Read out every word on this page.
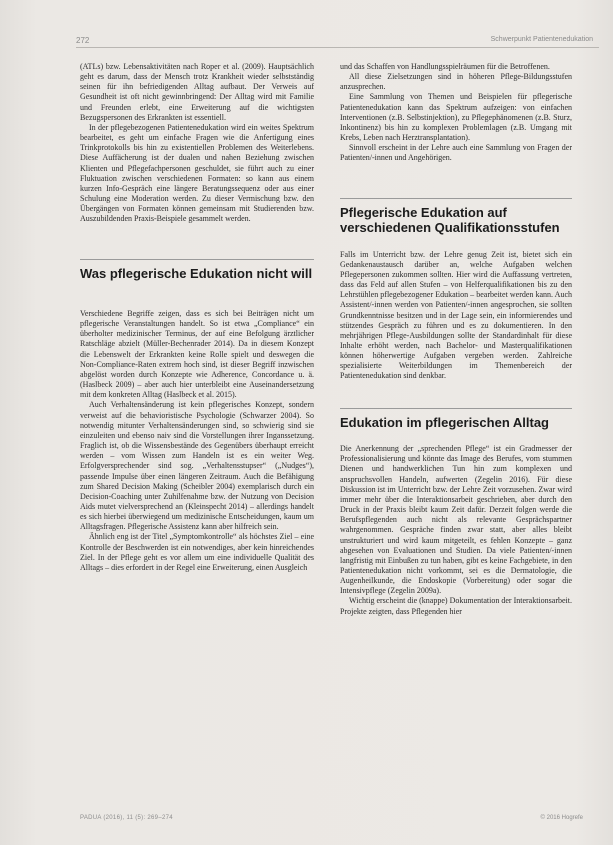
272	Schwerpunkt Patientenedukation

(ATLs) bzw. Lebensaktivitäten nach Roper et al. (2009). Hauptsächlich geht es darum, dass der Mensch trotz Krankheit wieder selbstständig seinen für ihn befriedigenden Alltag aufbaut. Der Verweis auf Gesundheit ist oft nicht gewinnbringend: Der Alltag wird mit Familie und Freunden erlebt, eine Erweiterung auf die wichtigsten Bezugspersonen des Erkrankten ist essentiell.

In der pflegebezogenen Patientenedukation wird ein weites Spektrum bearbeitet, es geht um einfache Fragen wie die Anfertigung eines Trinkprotokolls bis hin zu existentiellen Problemen des Weiterlebens. Diese Auffächerung ist der dualen und nahen Beziehung zwischen Klienten und Pflegefachpersonen geschuldet, sie führt auch zu einer Fluktuation zwischen verschiedenen Formaten: so kann aus einem kurzen Info-Gespräch eine längere Beratungssequenz oder aus einer Schulung eine Moderation werden. Zu dieser Vermischung bzw. den Übergängen von Formaten können gemeinsam mit Studierenden bzw. Auszubildenden Praxis-Beispiele gesammelt werden.

Was pflegerische Edukation nicht will

Verschiedene Begriffe zeigen, dass es sich bei Beiträgen nicht um pflegerische Veranstaltungen handelt. So ist etwa „Compliance“ ein überholter medizinischer Terminus, der auf eine Befolgung ärztlicher Ratschläge abzielt (Müller-Bechenrader 2014). Da in diesem Konzept die Lebenswelt der Erkrankten keine Rolle spielt und deswegen die Non-Compliance-Raten extrem hoch sind, ist dieser Begriff inzwischen abgelöst worden durch Konzepte wie Adherence, Concordance u. ä. (Haslbeck 2009) – aber auch hier unterbleibt eine Auseinandersetzung mit dem konkreten Alltag (Haslbeck et al. 2015).

Auch Verhaltensänderung ist kein pflegerisches Konzept, sondern verweist auf die behavioristische Psychologie (Schwarzer 2004). So notwendig mitunter Verhaltensänderungen sind, so schwierig sind sie einzuleiten und ebenso naiv sind die Vorstellungen ihrer Inganssetzung. Fraglich ist, ob die Wissensbestände des Gegenübers überhaupt erreicht werden – vom Wissen zum Handeln ist es ein weiter Weg. Erfolgversprechender sind sog. „Verhaltensstupser“ („Nudges“), passende Impulse über einen längeren Zeitraum. Auch die Befähigung zum Shared Decision Making (Scheibler 2004) exemplarisch durch ein Decision-Coaching unter Zuhilfenahme bzw. der Nutzung von Decision Aids mutet vielversprechend an (Kleinspecht 2014) – allerdings handelt es sich hierbei überwiegend um medizinische Entscheidungen, kaum um Alltagsfragen. Pflegerische Assistenz kann aber hilfreich sein.

Ähnlich eng ist der Titel „Symptomkontrolle“ als höchstes Ziel – eine Kontrolle der Beschwerden ist ein notwendiges, aber kein hinreichendes Ziel. In der Pflege geht es vor allem um eine individuelle Qualität des Alltags – dies erfordert in der Regel eine Erweiterung, einen Ausgleich

und das Schaffen von Handlungsspielräumen für die Betroffenen.

All diese Zielsetzungen sind in höheren Pflege-Bildungsstufen anzusprechen.

Eine Sammlung von Themen und Beispielen für pflegerische Patientenedukation kann das Spektrum aufzeigen: von einfachen Interventionen (z.B. Selbstinjektion), zu Pflegephänomenen (z.B. Sturz, Inkontinenz) bis hin zu komplexen Problemlagen (z.B. Umgang mit Krebs, Leben nach Herztransplantation).

Sinnvoll erscheint in der Lehre auch eine Sammlung von Fragen der Patienten/-innen und Angehörigen.

Pflegerische Edukation auf verschiedenen Qualifikationsstufen

Falls im Unterricht bzw. der Lehre genug Zeit ist, bietet sich ein Gedankenaustausch darüber an, welche Aufgaben welchen Pflegepersonen zukommen sollten. Hier wird die Auffassung vertreten, dass das Feld auf allen Stufen – von Helferqualifikationen bis zu den Lehrstühlen pflegebezogener Edukation – bearbeitet werden kann. Auch Assistent/-innen werden von Patienten/-innen angesprochen, sie sollten Grundkenntnisse besitzen und in der Lage sein, ein informierendes und stützendes Gespräch zu führen und es zu dokumentieren. In den mehrjährigen Pflege-Ausbildungen sollte der Standardinhalt für diese Inhalte erhöht werden, nach Bachelor- und Masterqualifikationen können höherwertige Aufgaben vergeben werden. Zahlreiche spezialisierte Weiterbildungen im Themenbereich der Patientenedukation sind denkbar.

Edukation im pflegerischen Alltag

Die Anerkennung der „sprechenden Pflege“ ist ein Gradmesser der Professionalisierung und könnte das Image des Berufes, vom stummen Dienen und handwerklichen Tun hin zum komplexen und anspruchsvollen Handeln, aufwerten (Zegelin 2016). Für diese Diskussion ist im Unterricht bzw. der Lehre Zeit vorzusehen. Zwar wird immer mehr über die Interaktionsarbeit geschrieben, aber durch den Druck in der Praxis bleibt kaum Zeit dafür. Derzeit folgen werde die Berufspflegenden auch nicht als relevante Gesprächspartner wahrgenommen. Gespräche finden zwar statt, aber alles bleibt unstrukturiert und wird kaum mitgeteilt, es fehlen Konzepte – ganz abgesehen von Evaluationen und Studien. Da viele Patienten/-innen langfristig mit Einbußen zu tun haben, gibt es keine Fachgebiete, in den Patientenedukation nicht vorkommt, sei es die Dermatologie, die Augenheilkunde, die Endoskopie (Vorbereitung) oder sogar die Intensivpflege (Zegelin 2009a).

Wichtig erscheint die (knappe) Dokumentation der Interaktionsarbeit. Projekte zeigten, dass Pflegenden hier

PADUA (2016), 11 (5): 269–274	© 2016 Hogrefe
